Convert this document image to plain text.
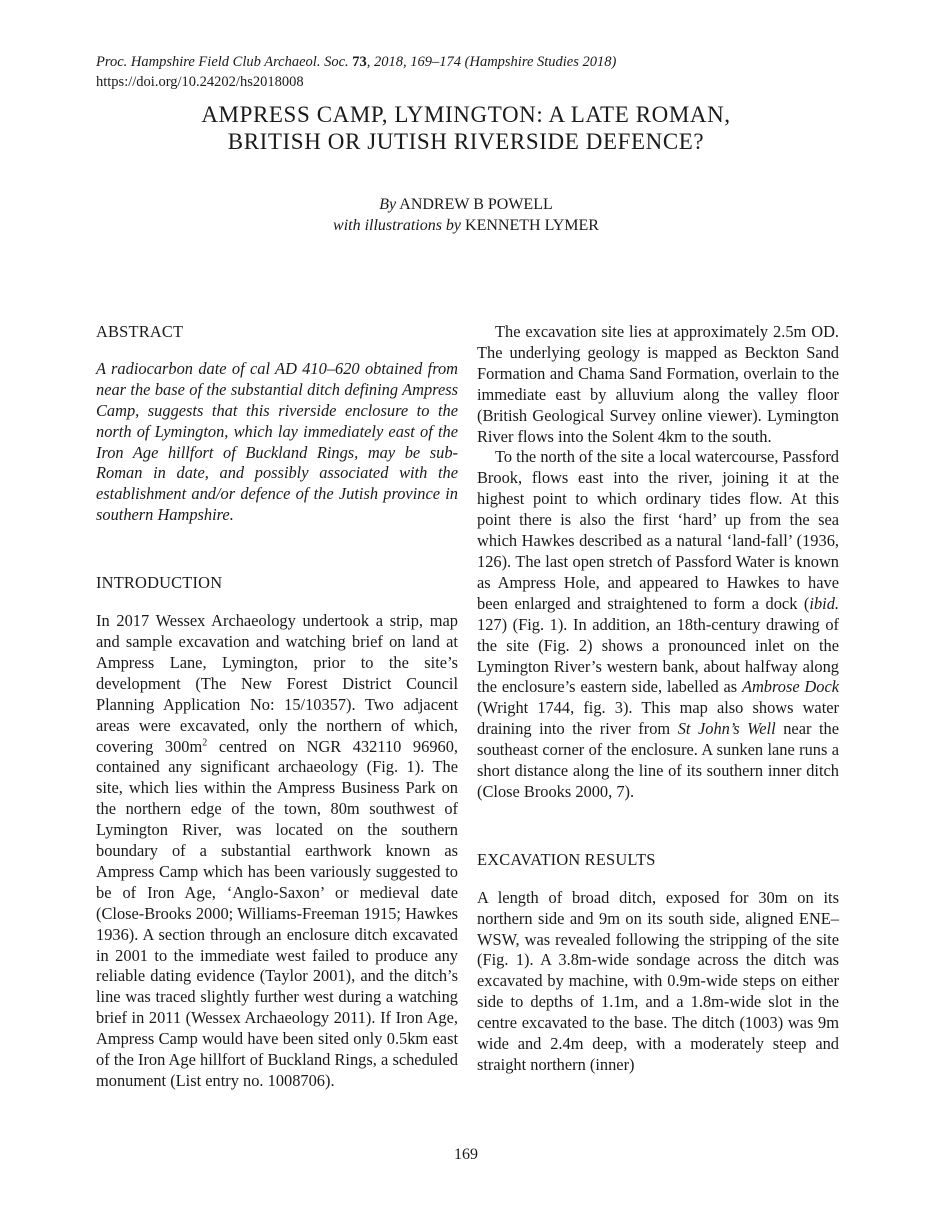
Proc. Hampshire Field Club Archaeol. Soc. 73, 2018, 169–174 (Hampshire Studies 2018)
https://doi.org/10.24202/hs2018008
AMPRESS CAMP, LYMINGTON: A LATE ROMAN,
BRITISH OR JUTISH RIVERSIDE DEFENCE?
By ANDREW B POWELL
with illustrations by KENNETH LYMER
ABSTRACT

A radiocarbon date of cal AD 410–620 obtained from near the base of the substantial ditch defining Ampress Camp, suggests that this riverside enclosure to the north of Lymington, which lay immediately east of the Iron Age hillfort of Buckland Rings, may be sub-Roman in date, and possibly associated with the establishment and/or defence of the Jutish province in southern Hampshire.

INTRODUCTION

In 2017 Wessex Archaeology undertook a strip, map and sample excavation and watching brief on land at Ampress Lane, Lymington, prior to the site’s development (The New Forest District Council Planning Application No: 15/10357). Two adjacent areas were excavated, only the northern of which, covering $300m^2$ centred on NGR 432110 96960, contained any significant archaeology (Fig. 1). The site, which lies within the Ampress Business Park on the northern edge of the town, 80m southwest of Lymington River, was located on the southern boundary of a substantial earthwork known as Ampress Camp which has been variously suggested to be of Iron Age, ‘Anglo-Saxon’ or medieval date (Close-Brooks 2000; Williams-Freeman 1915; Hawkes 1936). A section through an enclosure ditch excavated in 2001 to the immediate west failed to produce any reliable dating evidence (Taylor 2001), and the ditch’s line was traced slightly further west during a watching brief in 2011 (Wessex Archaeology 2011). If Iron Age, Ampress Camp would have been sited only 0.5km east of the Iron Age hillfort of Buckland Rings, a scheduled monument (List entry no. 1008706).

The excavation site lies at approximately 2.5m OD. The underlying geology is mapped as Beckton Sand Formation and Chama Sand Formation, overlain to the immediate east by alluvium along the valley floor (British Geological Survey online viewer). Lymington River flows into the Solent 4km to the south.

To the north of the site a local watercourse, Passford Brook, flows east into the river, joining it at the highest point to which ordinary tides flow. At this point there is also the first ‘hard’ up from the sea which Hawkes described as a natural ‘land-fall’ (1936, 126). The last open stretch of Passford Water is known as Ampress Hole, and appeared to Hawkes to have been enlarged and straightened to form a dock (ibid. 127) (Fig. 1). In addition, an 18th-century drawing of the site (Fig. 2) shows a pronounced inlet on the Lymington River’s western bank, about halfway along the enclosure’s eastern side, labelled as Ambrose Dock (Wright 1744, fig. 3). This map also shows water draining into the river from St John’s Well near the southeast corner of the enclosure. A sunken lane runs a short distance along the line of its southern inner ditch (Close Brooks 2000, 7).

EXCAVATION RESULTS

A length of broad ditch, exposed for 30m on its northern side and 9m on its south side, aligned ENE–WSW, was revealed following the stripping of the site (Fig. 1). A 3.8m-wide sondage across the ditch was excavated by machine, with 0.9m-wide steps on either side to depths of 1.1m, and a 1.8m-wide slot in the centre excavated to the base. The ditch (1003) was 9m wide and 2.4m deep, with a moderately steep and straight northern (inner)

169
